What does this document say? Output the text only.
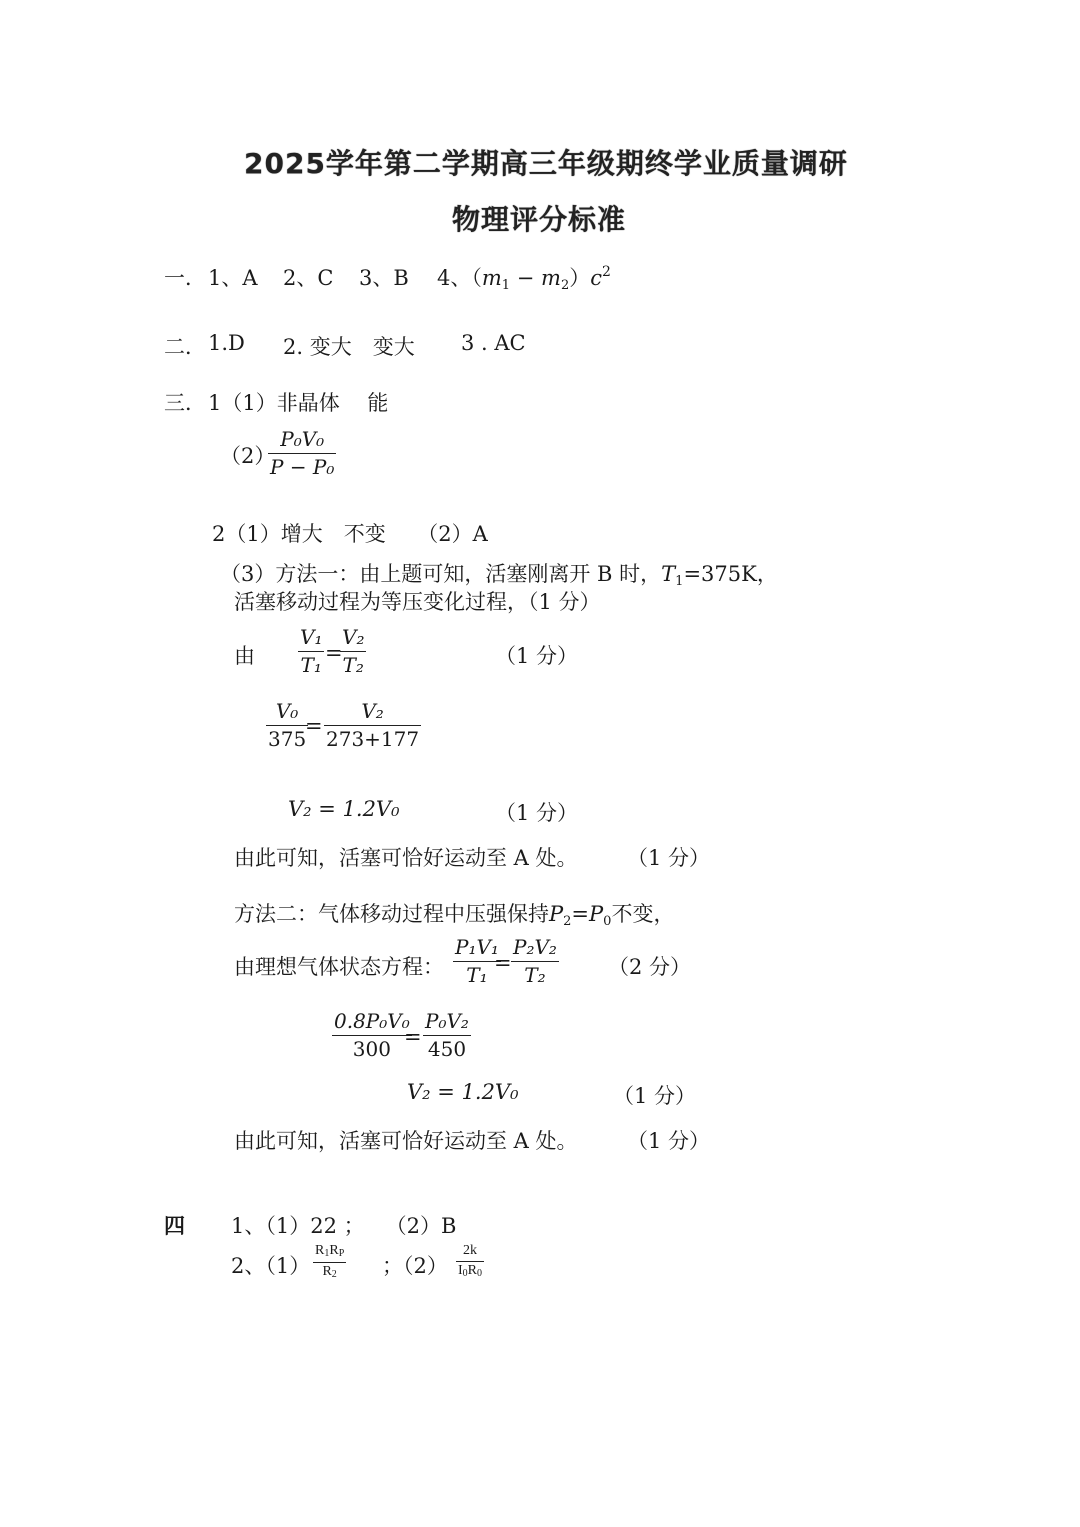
2025学年第二学期高三年级期终学业质量调研
物理评分标准
一． 1、A 2、C 3、B 4、$(m_1 - m_2)c^2$
二． 1.D 2. 变大　变大 3 . AC
三． 1（1）非晶体　 能
（2）
P₀V₀
P − P₀
2（1）增大　不变　　（2）A
（3）方法一：由上题可知，活塞刚离开 B 时，$T_1=375K$，
活塞移动过程为等压变化过程，（1 分）
由
V₁
T₁ =
V₂
T₂	（1 分）
V₀
375
=
V₂
273+177
V₂ = 1.2V₀	（1 分）
由此可知，活塞可恰好运动至 A 处。 （1 分）
方法二：气体移动过程中压强保持$P_2=P_0$不变，
由理想气体状态方程：
P₁V₁
T₁ =
P₂V₂
T₂	（2 分）
0.8P₀V₀
300 =
P₀V₂
450
V₂ = 1.2V₀	（1 分）
由此可知，活塞可恰好运动至 A 处。 （1 分）
四 1、（1）22 ；　　（2）B
2、（1）
$R_1R_P$
$R_2$ ；（2）
2k
$I_0R_0$
